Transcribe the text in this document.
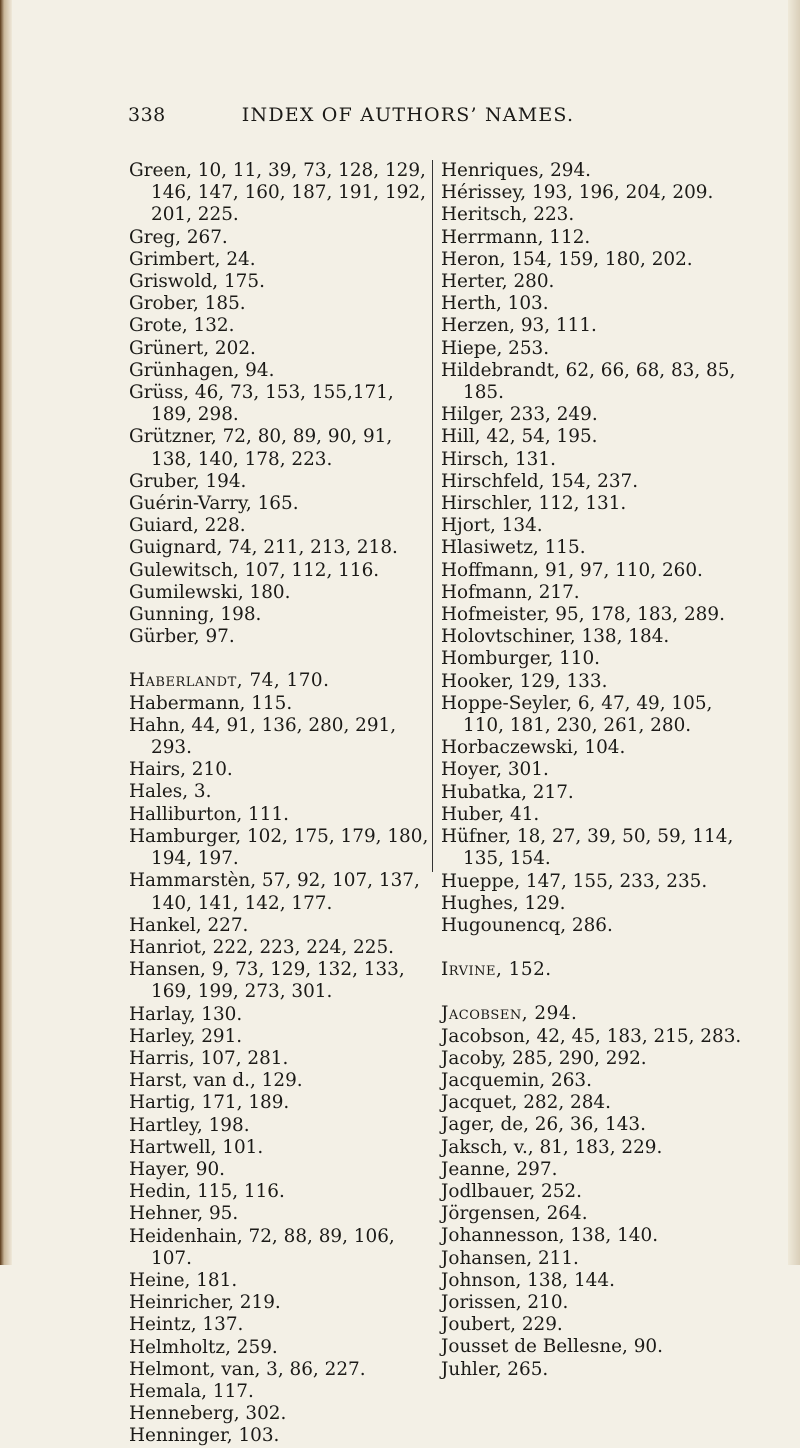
338	INDEX OF AUTHORS’ NAMES.
Green, 10, 11, 39, 73, 128, 129, 146, 147, 160, 187, 191, 192, 201, 225.
Greg, 267.
Grimbert, 24.
Griswold, 175.
Grober, 185.
Grote, 132.
Grünert, 202.
Grünhagen, 94.
Grüss, 46, 73, 153, 155,171, 189, 298.
Grützner, 72, 80, 89, 90, 91, 138, 140, 178, 223.
Gruber, 194.
Guérin-Varry, 165.
Guiard, 228.
Guignard, 74, 211, 213, 218.
Gulewitsch, 107, 112, 116.
Gumilewski, 180.
Gunning, 198.
Gürber, 97.
Haberlandt, 74, 170.
Habermann, 115.
Hahn, 44, 91, 136, 280, 291, 293.
Hairs, 210.
Hales, 3.
Halliburton, 111.
Hamburger, 102, 175, 179, 180, 194, 197.
Hammarstèn, 57, 92, 107, 137, 140, 141, 142, 177.
Hankel, 227.
Hanriot, 222, 223, 224, 225.
Hansen, 9, 73, 129, 132, 133, 169, 199, 273, 301.
Harlay, 130.
Harley, 291.
Harris, 107, 281.
Harst, van d., 129.
Hartig, 171, 189.
Hartley, 198.
Hartwell, 101.
Hayer, 90.
Hedin, 115, 116.
Hehner, 95.
Heidenhain, 72, 88, 89, 106, 107.
Heine, 181.
Heinricher, 219.
Heintz, 137.
Helmholtz, 259.
Helmont, van, 3, 86, 227.
Hemala, 117.
Henneberg, 302.
Henninger, 103.
Henriques, 294.
Hérissey, 193, 196, 204, 209.
Heritsch, 223.
Herrmann, 112.
Heron, 154, 159, 180, 202.
Herter, 280.
Herth, 103.
Herzen, 93, 111.
Hiepe, 253.
Hildebrandt, 62, 66, 68, 83, 85, 185.
Hilger, 233, 249.
Hill, 42, 54, 195.
Hirsch, 131.
Hirschfeld, 154, 237.
Hirschler, 112, 131.
Hjort, 134.
Hlasiwetz, 115.
Hoffmann, 91, 97, 110, 260.
Hofmann, 217.
Hofmeister, 95, 178, 183, 289.
Holovtschiner, 138, 184.
Homburger, 110.
Hooker, 129, 133.
Hoppe-Seyler, 6, 47, 49, 105, 110, 181, 230, 261, 280.
Horbaczewski, 104.
Hoyer, 301.
Hubatka, 217.
Huber, 41.
Hüfner, 18, 27, 39, 50, 59, 114, 135, 154.
Hueppe, 147, 155, 233, 235.
Hughes, 129.
Hugounencq, 286.
Irvine, 152.
Jacobsen, 294.
Jacobson, 42, 45, 183, 215, 283.
Jacoby, 285, 290, 292.
Jacquemin, 263.
Jacquet, 282, 284.
Jager, de, 26, 36, 143.
Jaksch, v., 81, 183, 229.
Jeanne, 297.
Jodlbauer, 252.
Jörgensen, 264.
Johannesson, 138, 140.
Johansen, 211.
Johnson, 138, 144.
Jorissen, 210.
Joubert, 229.
Jousset de Bellesne, 90.
Juhler, 265.
